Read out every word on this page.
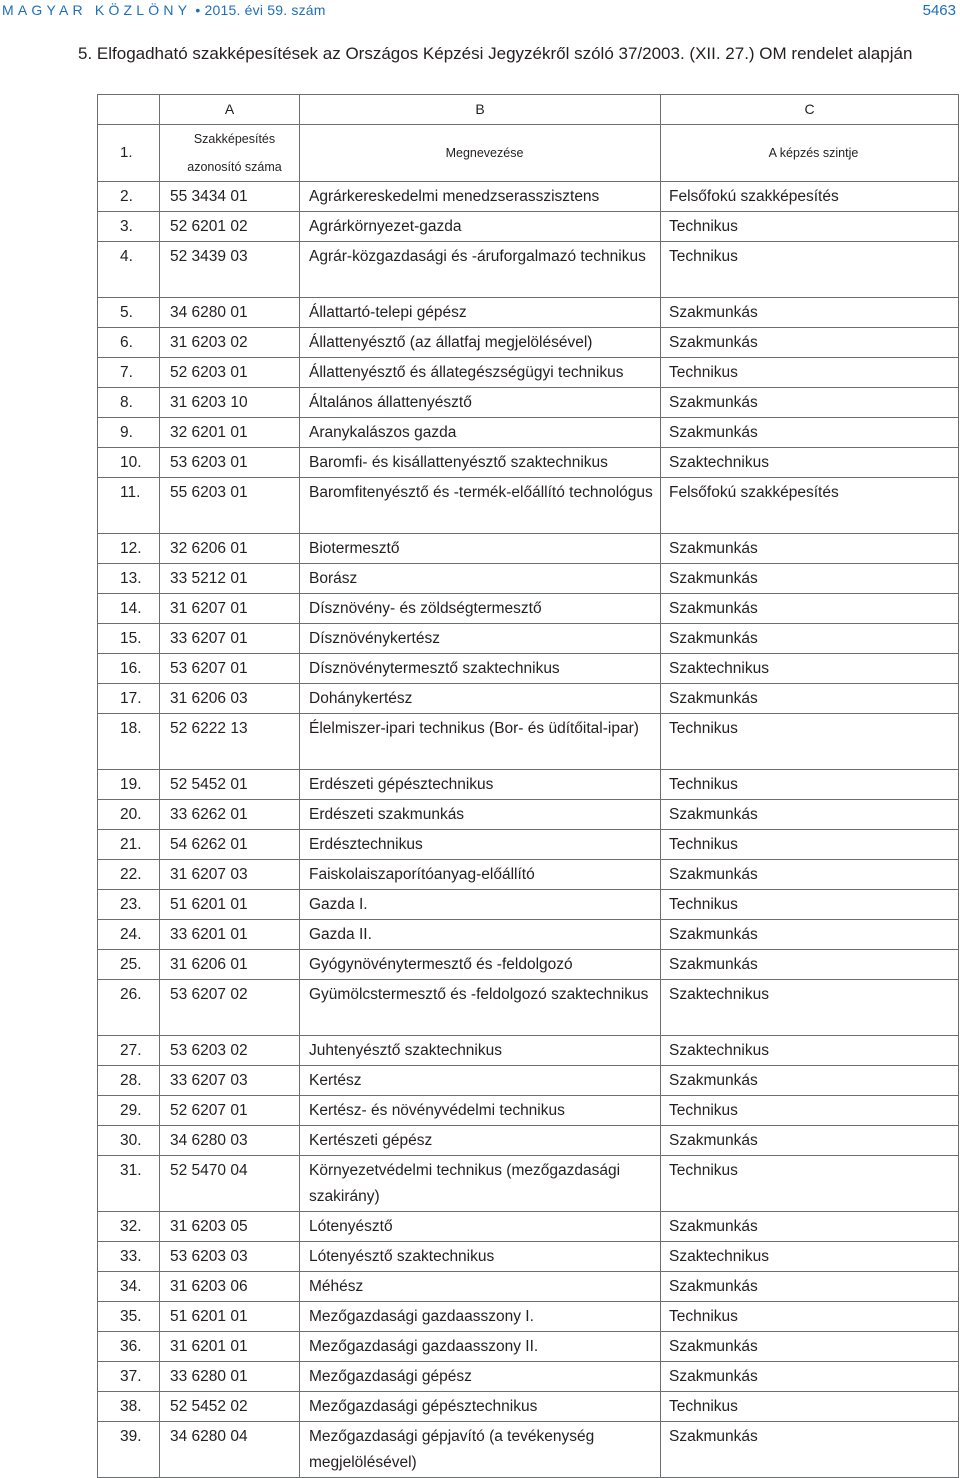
MAGYAR KÖZLÖNY • 2015. évi 59. szám	5463
5. Elfogadható szakképesítések az Országos Képzési Jegyzékről szóló 37/2003. (XII. 27.) OM rendelet alapján
	A	B	C
1.	Szakképesítés azonosító száma	Megnevezése	A képzés szintje
2.	55 3434 01	Agrárkereskedelmi menedzserasszisztens	Felsőfokú szakképesítés
3.	52 6201 02	Agrárkörnyezet-gazda	Technikus
4.	52 3439 03	Agrár-közgazdasági és -áruforgalmazó technikus	Technikus
5.	34 6280 01	Állattartó-telepi gépész	Szakmunkás
6.	31 6203 02	Állattenyésztő (az állatfaj megjelölésével)	Szakmunkás
7.	52 6203 01	Állattenyésztő és állategészségügyi technikus	Technikus
8.	31 6203 10	Általános állattenyésztő	Szakmunkás
9.	32 6201 01	Aranykalászos gazda	Szakmunkás
10.	53 6203 01	Baromfi- és kisállattenyésztő szaktechnikus	Szaktechnikus
11.	55 6203 01	Baromfitenyésztő és -termék-előállító technológus	Felsőfokú szakképesítés
12.	32 6206 01	Biotermesztő	Szakmunkás
13.	33 5212 01	Borász	Szakmunkás
14.	31 6207 01	Dísznövény- és zöldségtermesztő	Szakmunkás
15.	33 6207 01	Dísznövénykertész	Szakmunkás
16.	53 6207 01	Dísznövénytermesztő szaktechnikus	Szaktechnikus
17.	31 6206 03	Dohánykertész	Szakmunkás
18.	52 6222 13	Élelmiszer-ipari technikus (Bor- és üdítőital-ipar)	Technikus
19.	52 5452 01	Erdészeti gépésztechnikus	Technikus
20.	33 6262 01	Erdészeti szakmunkás	Szakmunkás
21.	54 6262 01	Erdésztechnikus	Technikus
22.	31 6207 03	Faiskolaiszaporítóanyag-előállító	Szakmunkás
23.	51 6201 01	Gazda I.	Technikus
24.	33 6201 01	Gazda II.	Szakmunkás
25.	31 6206 01	Gyógynövénytermesztő és -feldolgozó	Szakmunkás
26.	53 6207 02	Gyümölcstermesztő és -feldolgozó szaktechnikus	Szaktechnikus
27.	53 6203 02	Juhtenyésztő szaktechnikus	Szaktechnikus
28.	33 6207 03	Kertész	Szakmunkás
29.	52 6207 01	Kertész- és növényvédelmi technikus	Technikus
30.	34 6280 03	Kertészeti gépész	Szakmunkás
31.	52 5470 04	Környezetvédelmi technikus (mezőgazdasági szakirány)	Technikus
32.	31 6203 05	Lótenyésztő	Szakmunkás
33.	53 6203 03	Lótenyésztő szaktechnikus	Szaktechnikus
34.	31 6203 06	Méhész	Szakmunkás
35.	51 6201 01	Mezőgazdasági gazdaasszony I.	Technikus
36.	31 6201 01	Mezőgazdasági gazdaasszony II.	Szakmunkás
37.	33 6280 01	Mezőgazdasági gépész	Szakmunkás
38.	52 5452 02	Mezőgazdasági gépésztechnikus	Technikus
39.	34 6280 04	Mezőgazdasági gépjavító (a tevékenység megjelölésével)	Szakmunkás
